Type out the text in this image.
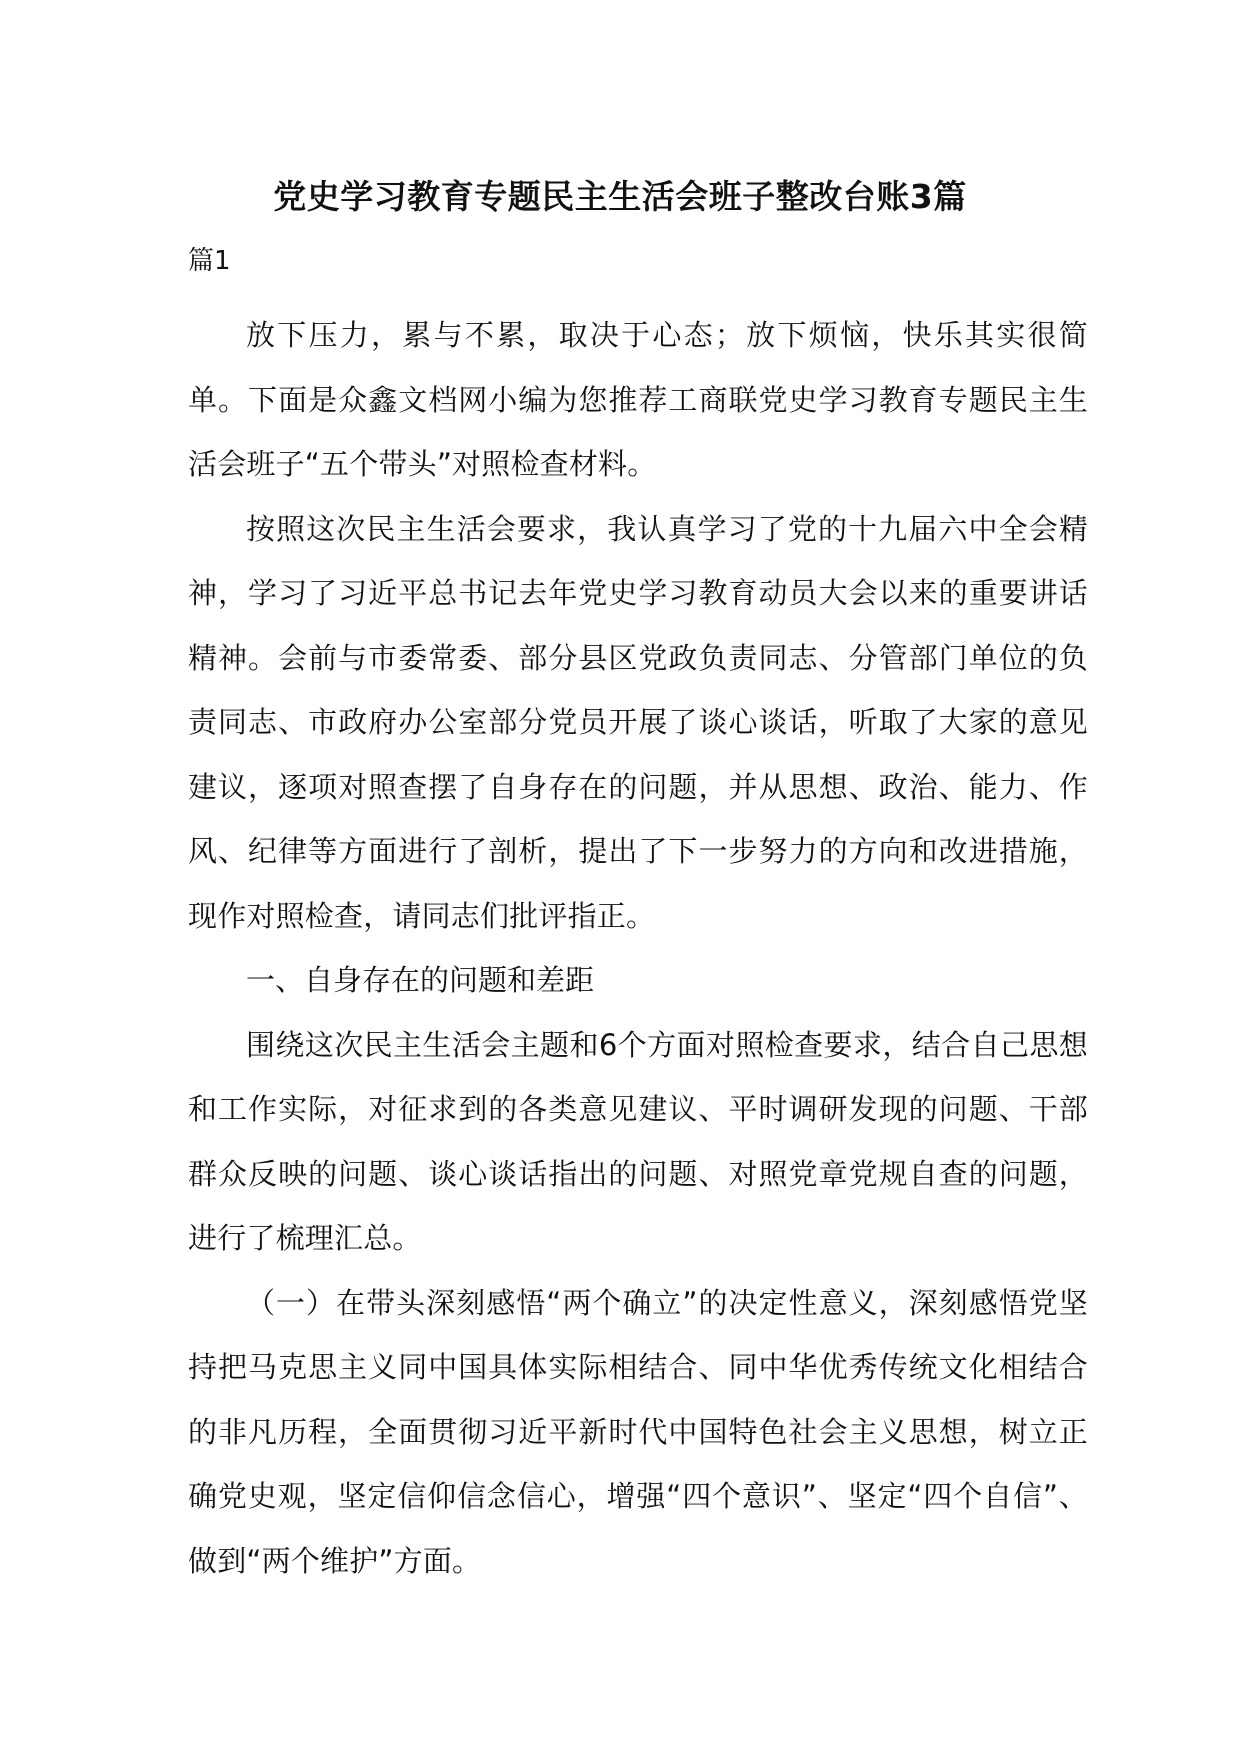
党史学习教育专题民主生活会班子整改台账3篇
篇1

放下压力，累与不累，取决于心态；放下烦恼，快乐其实很简单。下面是众鑫文档网小编为您推荐工商联党史学习教育专题民主生活会班子“五个带头”对照检查材料。

按照这次民主生活会要求，我认真学习了党的十九届六中全会精神，学习了习近平总书记去年党史学习教育动员大会以来的重要讲话精神。会前与市委常委、部分县区党政负责同志、分管部门单位的负责同志、市政府办公室部分党员开展了谈心谈话，听取了大家的意见建议，逐项对照查摆了自身存在的问题，并从思想、政治、能力、作风、纪律等方面进行了剖析，提出了下一步努力的方向和改进措施，现作对照检查，请同志们批评指正。

一、自身存在的问题和差距

围绕这次民主生活会主题和6个方面对照检查要求，结合自己思想和工作实际，对征求到的各类意见建议、平时调研发现的问题、干部群众反映的问题、谈心谈话指出的问题、对照党章党规自查的问题，进行了梳理汇总。

（一）在带头深刻感悟“两个确立”的决定性意义，深刻感悟党坚持把马克思主义同中国具体实际相结合、同中华优秀传统文化相结合的非凡历程，全面贯彻习近平新时代中国特色社会主义思想，树立正确党史观，坚定信仰信念信心，增强“四个意识”、坚定“四个自信”、做到“两个维护”方面。
